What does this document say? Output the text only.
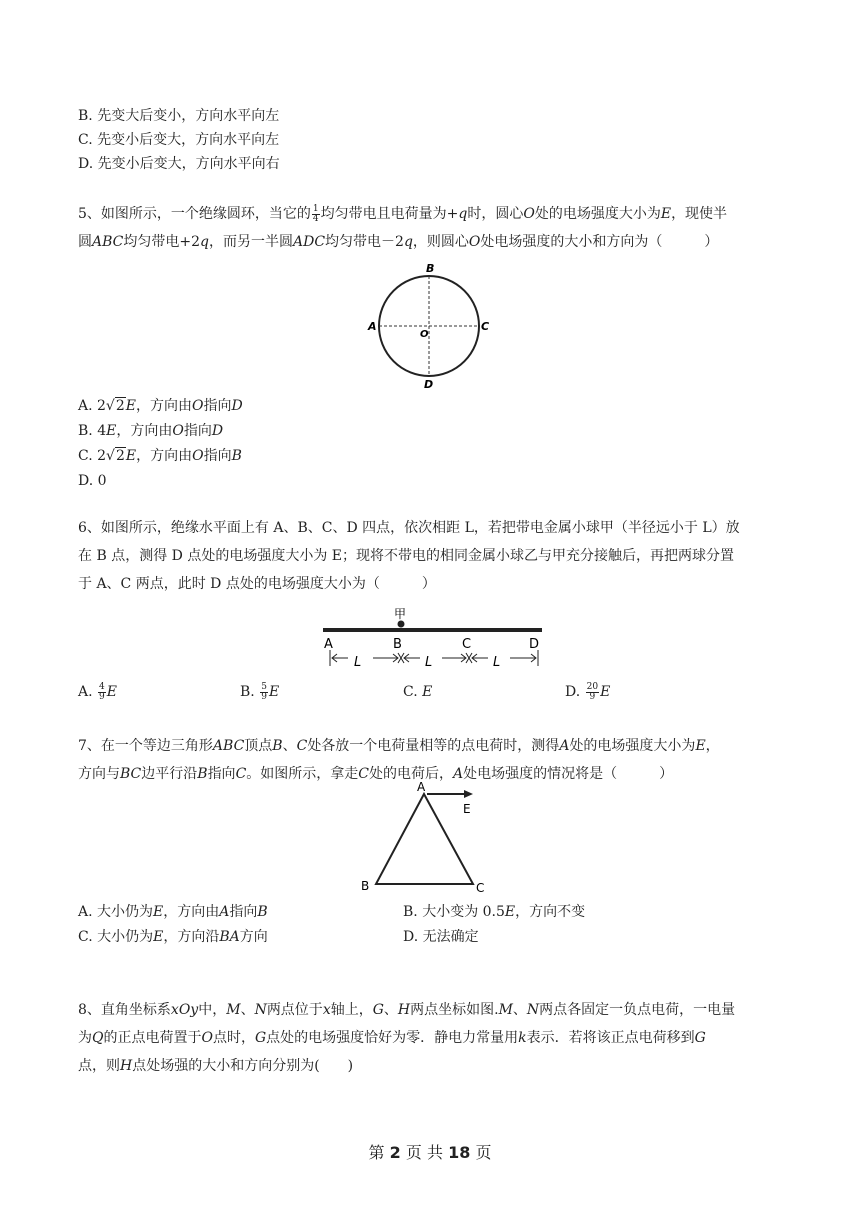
B. 先变大后变小，方向水平向左
C. 先变小后变大，方向水平向左
D. 先变小后变大，方向水平向右
5、如图所示，一个绝缘圆环，当它的 $\frac{1}{4}$ 均匀带电且电荷量为+q时，圆心O处的电场强度大小为E，现使半
圆ABC均匀带电+2q，而另一半圆ADC均匀带电－2q，则圆心O处电场强度的大小和方向为（　　　）
B
A	C
O
D
A. 2√2E，方向由O指向D
B. 4E，方向由O指向D
C. 2√2E，方向由O指向B
D. 0
6、如图所示，绝缘水平面上有 A、B、C、D 四点，依次相距 L，若把带电金属小球甲（半径远小于 L）放
在 B 点，测得 D 点处的电场强度大小为 E；现将不带电的相同金属小球乙与甲充分接触后，再把两球分置
于 A、C 两点，此时 D 点处的电场强度大小为（　　　）
甲
A	B	C	D
L	L	L
A. $\frac{4}{9}$ E	B. $\frac{5}{9}$ E	C. E	D. $\frac{20}{9}$ E
7、在一个等边三角形ABC顶点B、C处各放一个电荷量相等的点电荷时，测得A处的电场强度大小为E，
方向与BC边平行沿B指向C。如图所示，拿走C处的电荷后，A处电场强度的情况将是（　　　）
A
E
B	C
A. 大小仍为E，方向由A指向B	B. 大小变为 0.5E，方向不变
C. 大小仍为E，方向沿BA方向	D. 无法确定
8、直角坐标系xOy中，M、N两点位于x轴上，G、H两点坐标如图.M、N两点各固定一负点电荷，一电量
为Q的正点电荷置于O点时，G点处的电场强度恰好为零．静电力常量用k表示．若将该正点电荷移到G
点，则H点处场强的大小和方向分别为(　　)
第 2 页 共 18 页
